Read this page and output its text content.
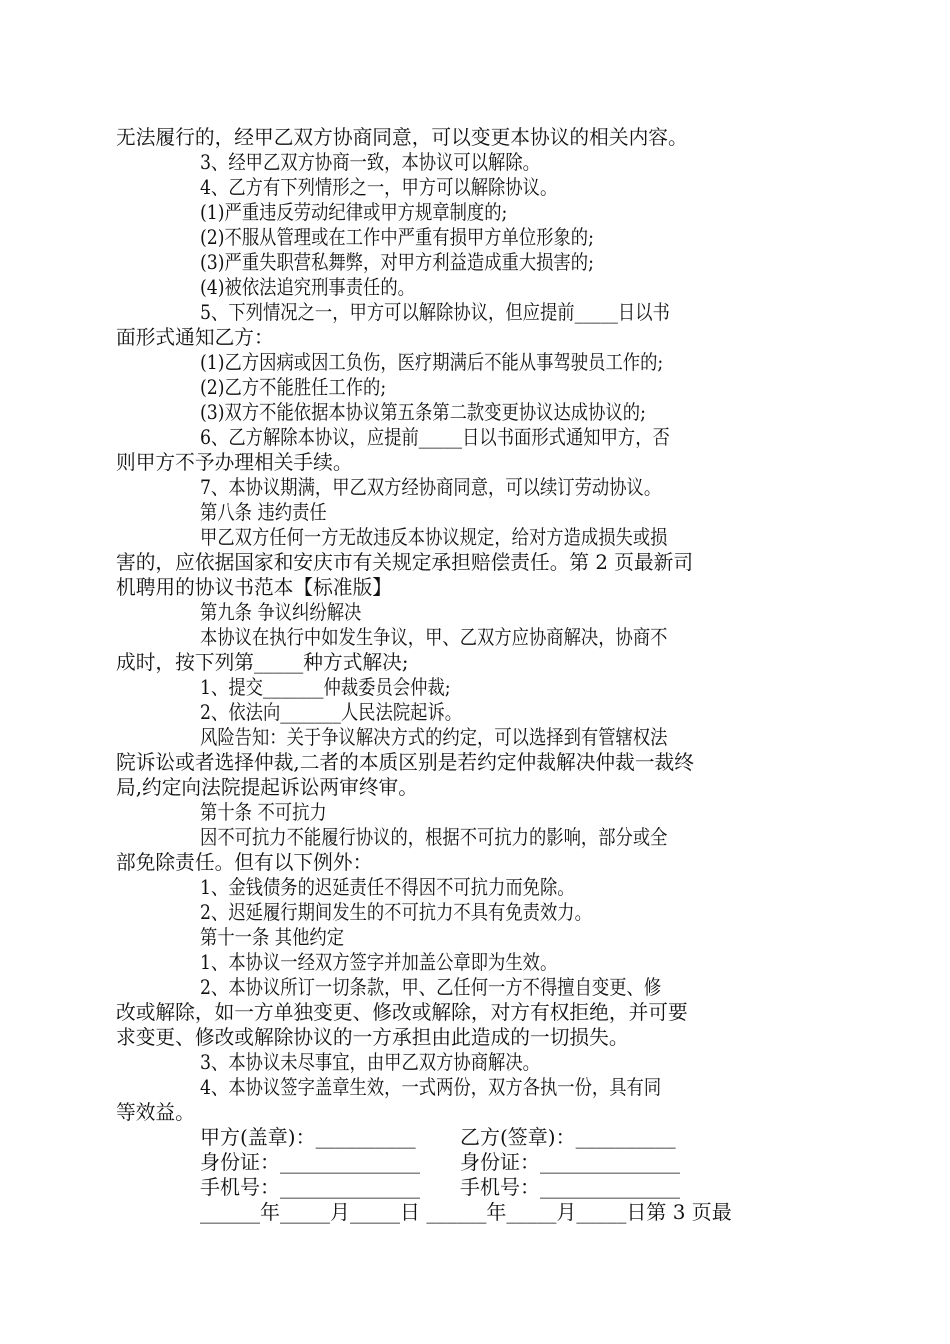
无法履行的，经甲乙双方协商同意，可以变更本协议的相关内容。
3、经甲乙双方协商一致，本协议可以解除。
4、乙方有下列情形之一，甲方可以解除协议。
(1)严重违反劳动纪律或甲方规章制度的;
(2)不服从管理或在工作中严重有损甲方单位形象的;
(3)严重失职营私舞弊，对甲方利益造成重大损害的;
(4)被依法追究刑事责任的。
5、下列情况之一，甲方可以解除协议，但应提前_____日以书
面形式通知乙方：
(1)乙方因病或因工负伤，医疗期满后不能从事驾驶员工作的;
(2)乙方不能胜任工作的;
(3)双方不能依据本协议第五条第二款变更协议达成协议的;
6、乙方解除本协议，应提前_____日以书面形式通知甲方，否
则甲方不予办理相关手续。
7、本协议期满，甲乙双方经协商同意，可以续订劳动协议。
第八条 违约责任
甲乙双方任何一方无故违反本协议规定，给对方造成损失或损
害的，应依据国家和安庆市有关规定承担赔偿责任。第 2 页最新司
机聘用的协议书范本【标准版】
第九条 争议纠纷解决
本协议在执行中如发生争议，甲、乙双方应协商解决，协商不
成时，按下列第_____种方式解决;
1、提交_______仲裁委员会仲裁;
2、依法向_______人民法院起诉。
风险告知：关于争议解决方式的约定，可以选择到有管辖权法
院诉讼或者选择仲裁,二者的本质区别是若约定仲裁解决仲裁一裁终
局,约定向法院提起诉讼两审终审。
第十条 不可抗力
因不可抗力不能履行协议的，根据不可抗力的影响，部分或全
部免除责任。但有以下例外：
1、金钱债务的迟延责任不得因不可抗力而免除。
2、迟延履行期间发生的不可抗力不具有免责效力。
第十一条 其他约定
1、本协议一经双方签字并加盖公章即为生效。
2、本协议所订一切条款，甲、乙任何一方不得擅自变更、修
改或解除，如一方单独变更、修改或解除，对方有权拒绝，并可要
求变更、修改或解除协议的一方承担由此造成的一切损失。
3、本协议未尽事宜，由甲乙双方协商解决。
4、本协议签字盖章生效，一式两份，双方各执一份，具有同
等效益。
甲方(盖章)：__________ 乙方(签章)：__________
身份证：______________ 身份证：______________
手机号：______________ 手机号：______________
______年_____月_____日 ______年_____月_____日第 3 页最
